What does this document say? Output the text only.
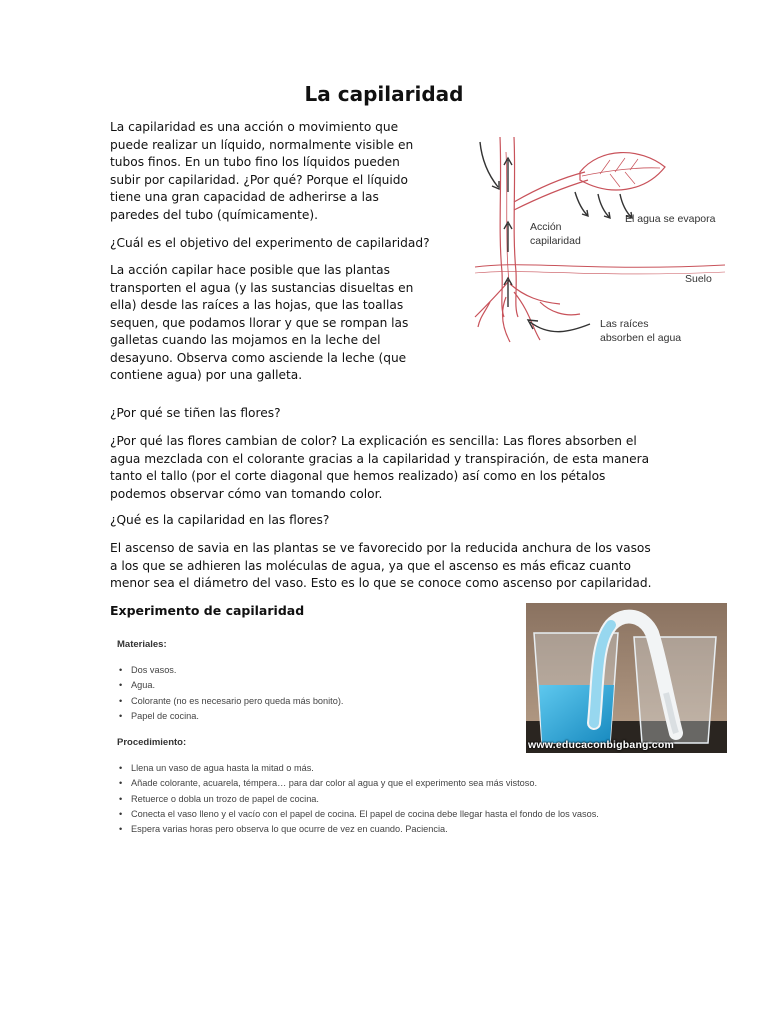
La capilaridad

La capilaridad es una acción o movimiento que puede realizar un líquido, normalmente visible en tubos finos. En un tubo fino los líquidos pueden subir por capilaridad. ¿Por qué? Porque el líquido tiene una gran capacidad de adherirse a las paredes del tubo (químicamente).

¿Cuál es el objetivo del experimento de capilaridad?

La acción capilar hace posible que las plantas transporten el agua (y las sustancias disueltas en ella) desde las raíces a las hojas, que las toallas sequen, que podamos llorar y que se rompan las galletas cuando las mojamos en la leche del desayuno. Observa como asciende la leche (que contiene agua) por una galleta.

¿Por qué se tiñen las flores?

¿Por qué las flores cambian de color? La explicación es sencilla: Las flores absorben el agua mezclada con el colorante gracias a la capilaridad y transpiración, de esta manera tanto el tallo (por el corte diagonal que hemos realizado) así como en los pétalos podemos observar cómo van tomando color.

¿Qué es la capilaridad en las flores?

El ascenso de savia en las plantas se ve favorecido por la reducida anchura de los vasos a los que se adhieren las moléculas de agua, ya que el ascenso es más eficaz cuanto menor sea el diámetro del vaso. Esto es lo que se conoce como ascenso por capilaridad.

Experimento de capilaridad
Acción
capilaridad
El agua se evapora
Suelo
Las raíces
absorben el agua
Materiales:
• Dos vasos.
• Agua.
• Colorante (no es necesario pero queda más bonito).
• Papel de cocina.
Procedimiento:
• Llena un vaso de agua hasta la mitad o más.
• Añade colorante, acuarela, témpera… para dar color al agua y que el experimento sea más vistoso.
• Retuerce o dobla un trozo de papel de cocina.
• Conecta el vaso lleno y el vacío con el papel de cocina. El papel de cocina debe llegar hasta el fondo de los vasos.
• Espera varias horas pero observa lo que ocurre de vez en cuando. Paciencia.
www.educaconbigbang.com
